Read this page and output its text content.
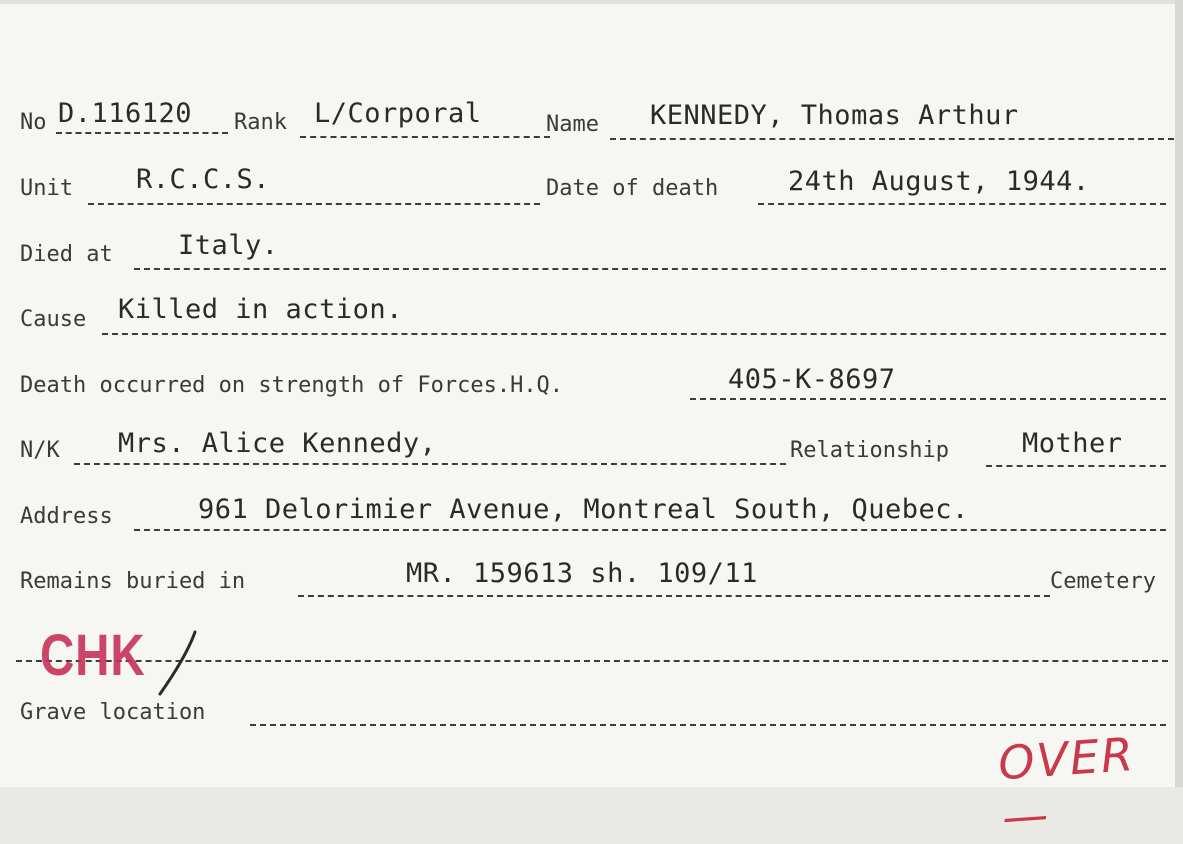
No D.116120 Rank L/Corporal	Name KENNEDY, Thomas Arthur
Unit R.C.C.S.	Date of death	24th August, 1944.
Died at Italy.
Cause Killed in action.
Death occurred on strength of Forces.H.Q.	405-K-8697
N/K Mrs. Alice Kennedy,	Relationship	Mother
Address	961 Delorimier Avenue, Montreal South, Quebec.
Remains buried in	MR. 159613 sh. 109/11	Cemetery
CHK
Grave location
OVER—
